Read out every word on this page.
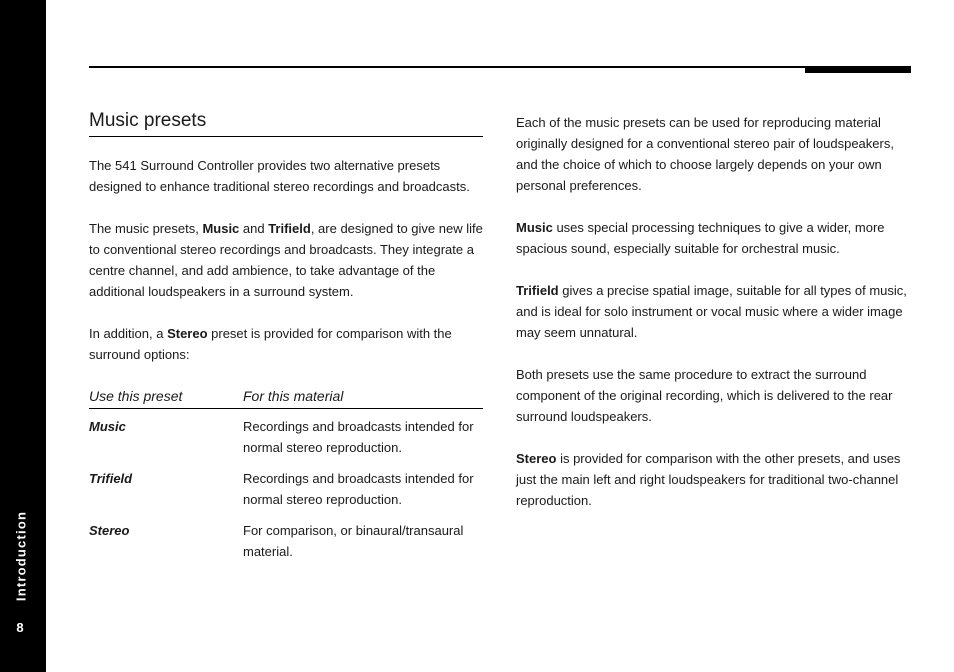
Introduction
8
Music presets

The 541 Surround Controller provides two alternative presets designed to enhance traditional stereo recordings and broadcasts.

The music presets, Music and Trifield, are designed to give new life to conventional stereo recordings and broadcasts. They integrate a centre channel, and add ambience, to take advantage of the additional loudspeakers in a surround system.

In addition, a Stereo preset is provided for comparison with the surround options:

Use this preset	For this material
Music	Recordings and broadcasts intended for normal stereo reproduction.
Trifield	Recordings and broadcasts intended for normal stereo reproduction.
Stereo	For comparison, or binaural/transaural material.

Each of the music presets can be used for reproducing material originally designed for a conventional stereo pair of loudspeakers, and the choice of which to choose largely depends on your own personal preferences.

Music uses special processing techniques to give a wider, more spacious sound, especially suitable for orchestral music.

Trifield gives a precise spatial image, suitable for all types of music, and is ideal for solo instrument or vocal music where a wider image may seem unnatural.

Both presets use the same procedure to extract the surround component of the original recording, which is delivered to the rear surround loudspeakers.

Stereo is provided for comparison with the other presets, and uses just the main left and right loudspeakers for traditional two-channel reproduction.
